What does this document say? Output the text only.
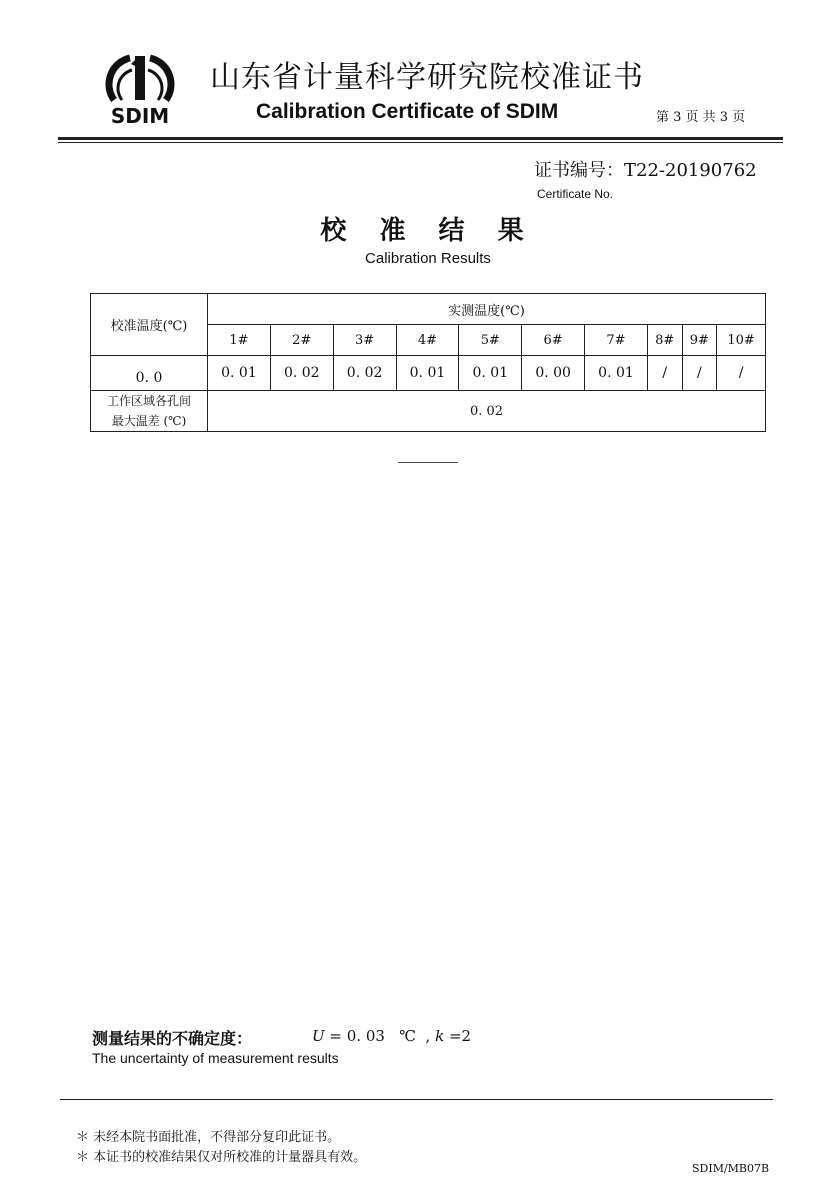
SDIM
山东省计量科学研究院校准证书
Calibration Certificate of SDIM	第 3 页 共 3 页
证书编号：T22-20190762
Certificate No.
校 准 结 果
Calibration Results
校准温度(℃)	实测温度(℃)									
	1#	2#	3#	4#	5#	6#	7#	8#	9#	10#
0. 0	0. 01	0. 02	0. 02	0. 01	0. 01	0. 00	0. 01	/	/	/

工作区域各孔间
最大温差 (℃)	0. 02									
测量结果的不确定度：	U = 0. 03   ℃  , k =2
The uncertainty of measurement results
＊ 未经本院书面批准，不得部分复印此证书。
＊ 本证书的校准结果仅对所校准的计量器具有效。
SDIM/MB07B
